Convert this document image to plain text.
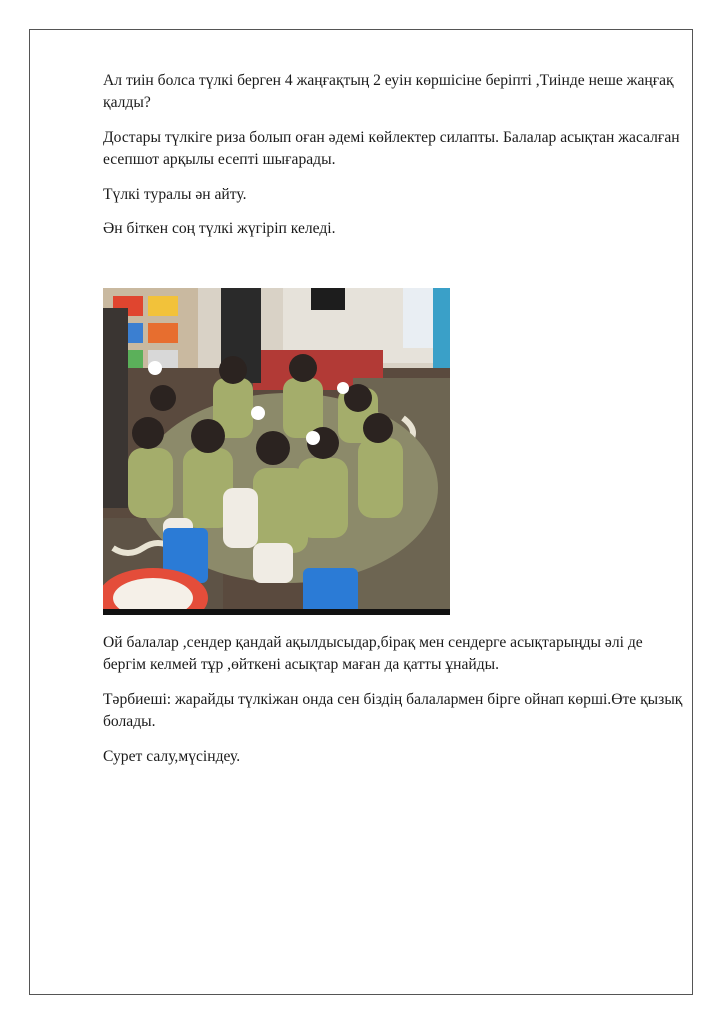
Ал тиін болса түлкі берген 4 жаңғақтың 2 еуін көршісіне беріпті ,Тиінде неше жаңғақ қалды?

Достары түлкіге риза болып оған әдемі көйлектер силапты. Балалар асықтан жасалған есепшот арқылы есепті шығарады.

Түлкі туралы ән айту.

Ән біткен соң түлкі жүгіріп келеді.

Ой балалар ,сендер қандай ақылдысыдар,бірақ мен сендерге асықтарыңды әлі де бергім келмей тұр ,өйткені асықтар маған да қатты ұнайды.

Тәрбиеші: жарайды түлкіжан онда сен біздің балалармен бірге ойнап көрші.Өте қызық болады.

Сурет салу,мүсіндеу.
